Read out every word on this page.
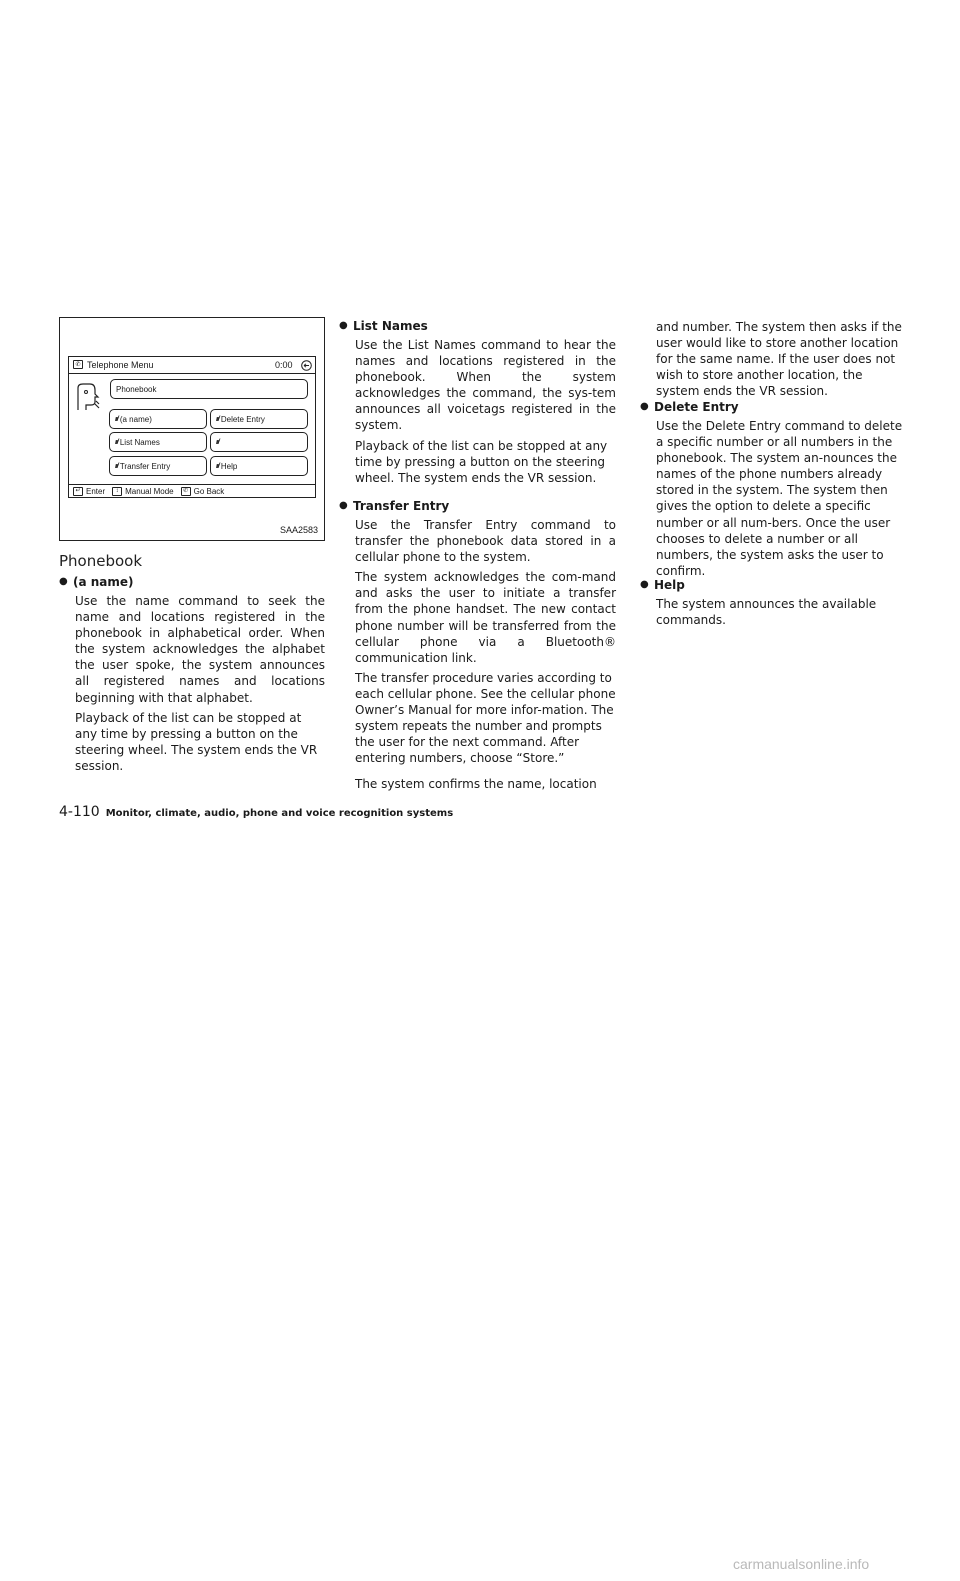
✆ Telephone Menu	0:00
Phonebook
ıı/ (a name)	ıı/ Delete Entry
ıı/ List Names	ıı/
ıı/ Transfer Entry	ıı/ Help
↵ Enter	↕ Manual Mode	✆ Go Back
SAA2583
Phonebook
● (a name)

Use the name command to seek the name and locations registered in the phonebook in alphabetical order. When the system acknowledges the alphabet the user spoke, the system announces all registered names and locations beginning with that alphabet.

Playback of the list can be stopped at any time by pressing a button on the steering wheel. The system ends the VR session.

● List Names

Use the List Names command to hear the names and locations registered in the phonebook. When the system acknowledges the command, the sys-tem announces all voicetags registered in the system.

Playback of the list can be stopped at any time by pressing a button on the steering wheel. The system ends the VR session.

● Transfer Entry

Use the Transfer Entry command to transfer the phonebook data stored in a cellular phone to the system.

The system acknowledges the com-mand and asks the user to initiate a transfer from the phone handset. The new contact phone number will be transferred from the cellular phone via a Bluetooth® communication link.

The transfer procedure varies according to each cellular phone. See the cellular phone Owner’s Manual for more infor-mation. The system repeats the number and prompts the user for the next command. After entering numbers, choose “Store.”

The system confirms the name, location

and number. The system then asks if the user would like to store another location for the same name. If the user does not wish to store another location, the system ends the VR session.

● Delete Entry

Use the Delete Entry command to delete a specific number or all numbers in the phonebook. The system an-nounces the names of the phone numbers already stored in the system. The system then gives the option to delete a specific number or all num-bers. Once the user chooses to delete a number or all numbers, the system asks the user to confirm.

● Help

The system announces the available commands.

4-110 Monitor, climate, audio, phone and voice recognition systems
carmanualsonline.info
